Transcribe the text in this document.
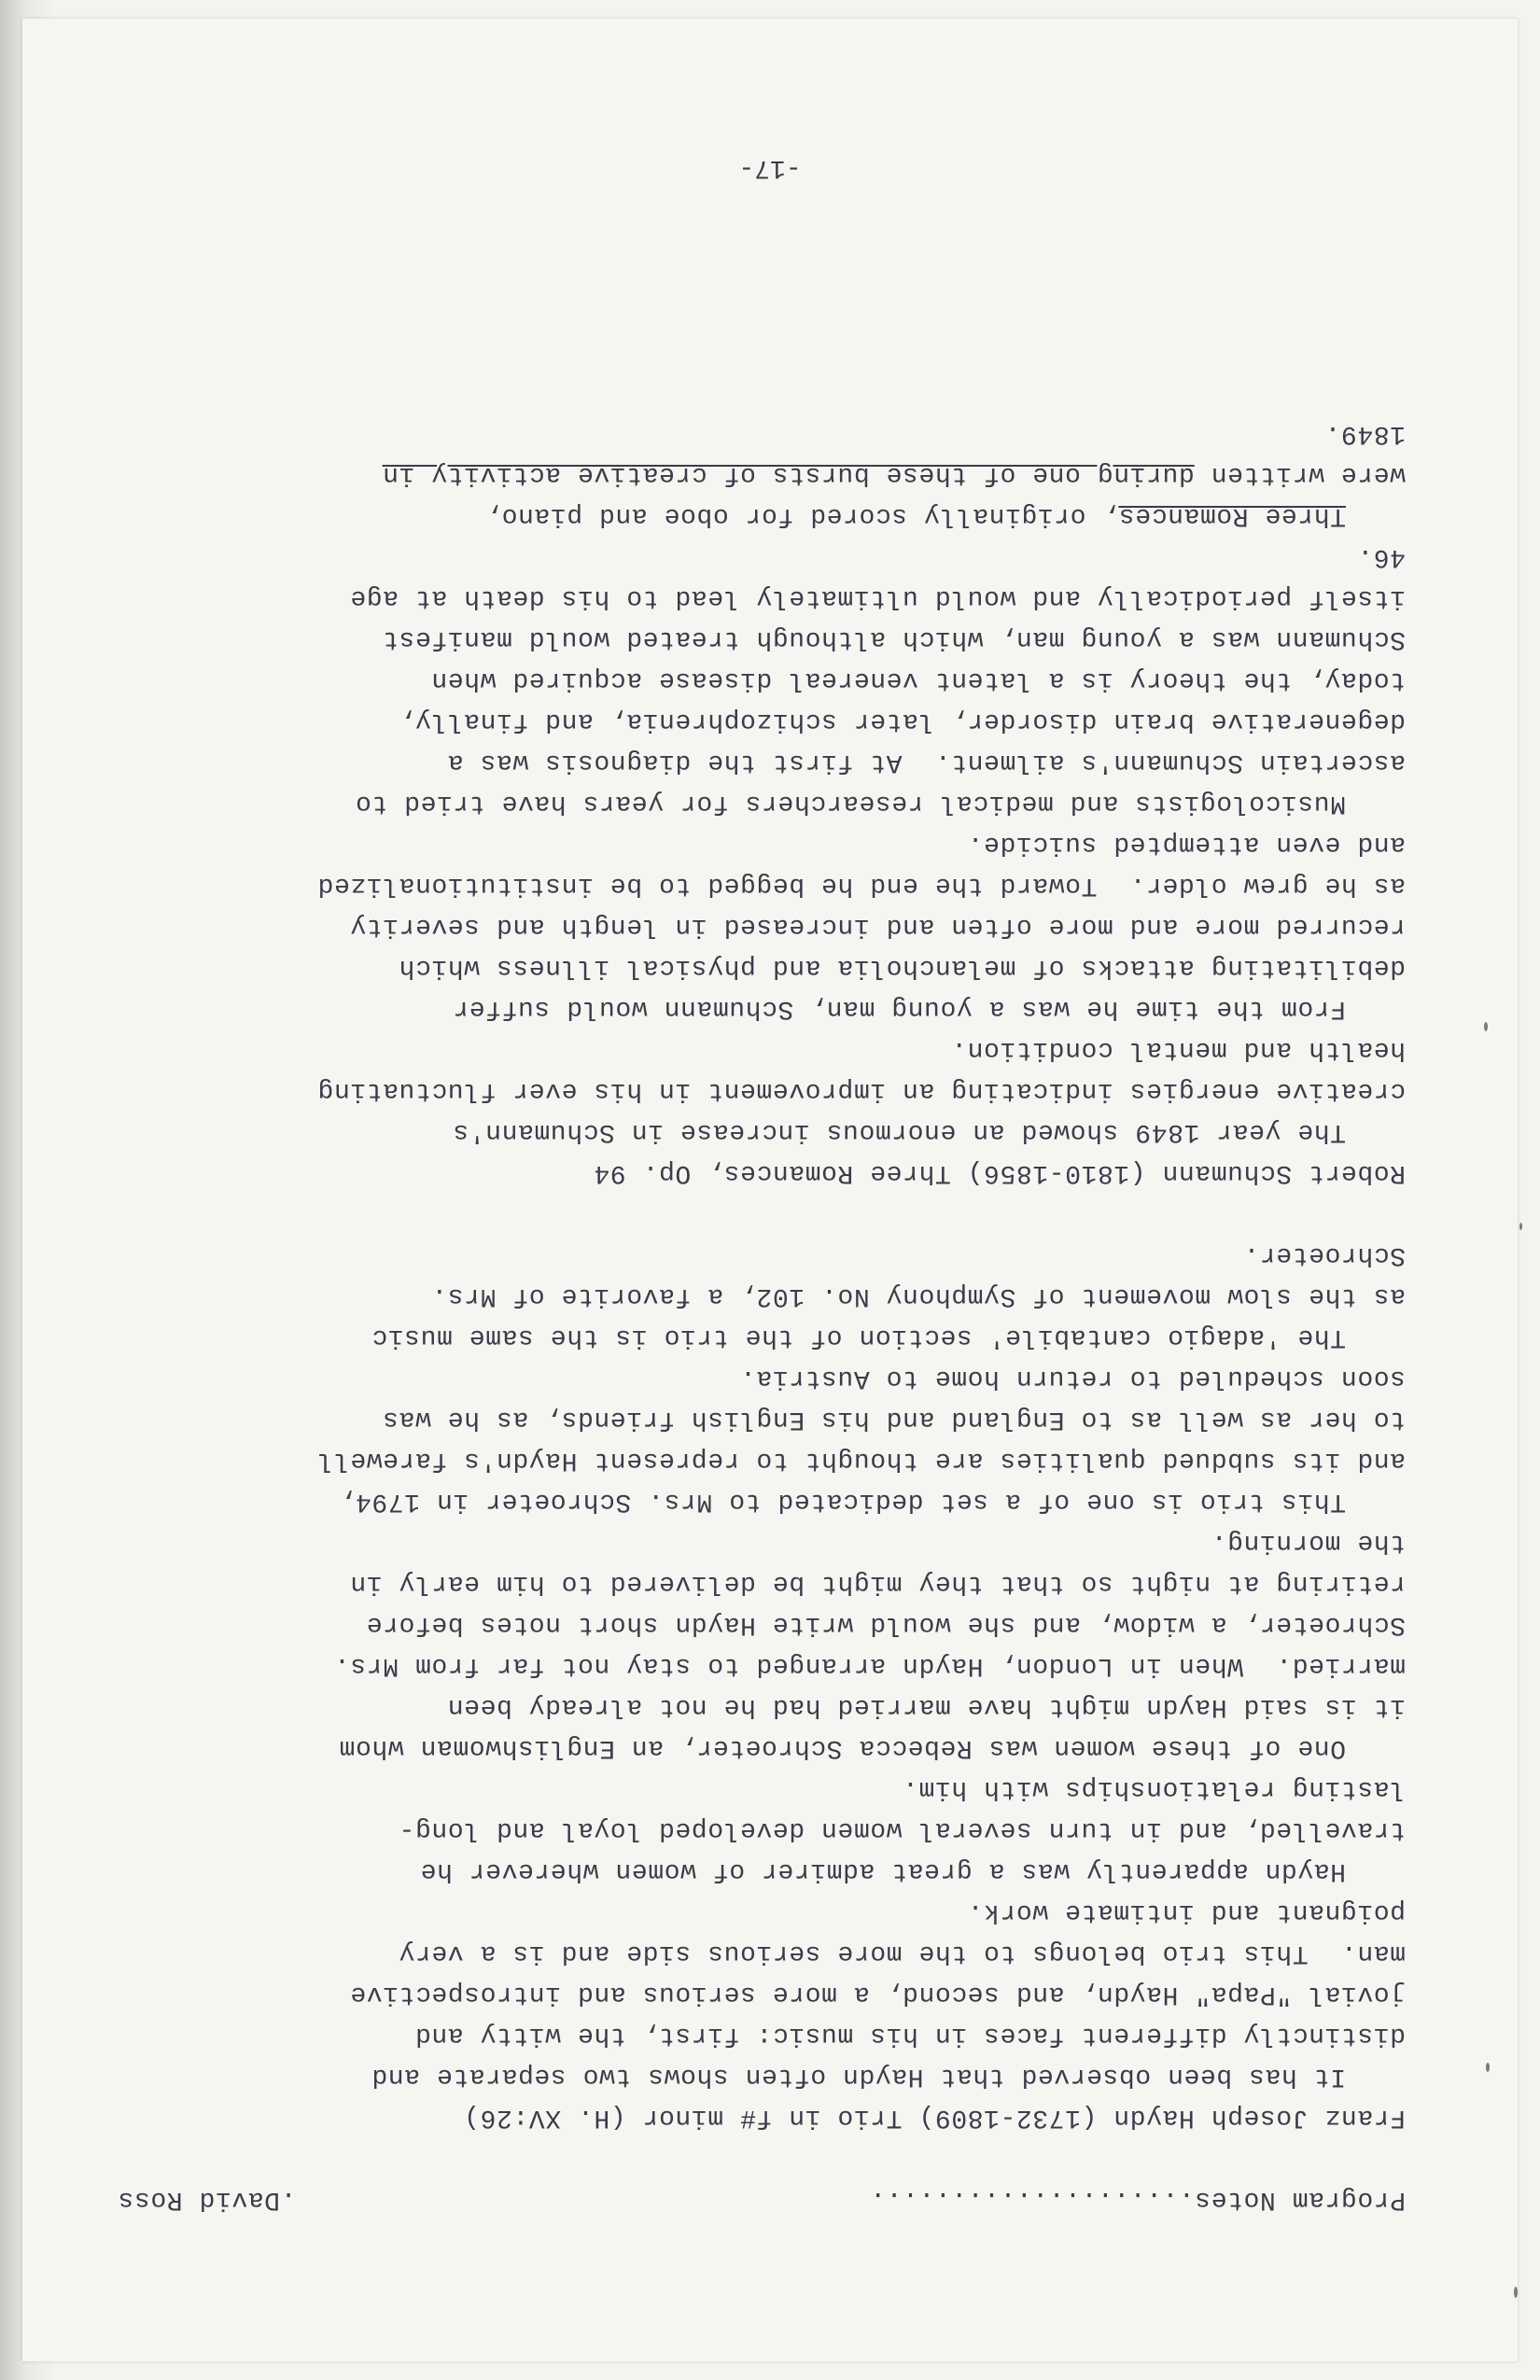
Program Notes....................
.David Ross
Franz Joseph Haydn (1732-1809) Trio in f# minor (H. XV:26)
It has been observed that Haydn often shows two separate and
distinctly different faces in his music: first, the witty and
jovial "Papa" Haydn, and second, a more serious and introspective
man.  This trio belongs to the more serious side and is a very
poignant and intimate work.
Haydn apparently was a great admirer of women wherever he
travelled, and in turn several women developed loyal and long-
lasting relationships with him.
One of these women was Rebecca Schroeter, an Englishwoman whom
it is said Haydn might have married had he not already been
married.  When in London, Haydn arranged to stay not far from Mrs.
Schroeter, a widow, and she would write Haydn short notes before
retiring at night so that they might be delivered to him early in
the morning.
This trio is one of a set dedicated to Mrs. Schroeter in 1794,
and its subdued qualities are thought to represent Haydn's farewell
to her as well as to England and his English friends, as he was
soon scheduled to return home to Austria.
The 'adagio cantabile' section of the trio is the same music
as the slow movement of Symphony No. 102, a favorite of Mrs.
Schroeter.
Robert Schumann (1810-1856) Three Romances, Op. 94
The year 1849 showed an enormous increase in Schumann's
creative energies indicating an improvement in his ever fluctuating
health and mental condition.
From the time he was a young man, Schumann would suffer
debilitating attacks of melancholia and physical illness which
recurred more and more often and increased in length and severity
as he grew older.  Toward the end he begged to be institutionalized
and even attempted suicide.
Musicologists and medical researchers for years have tried to
ascertain Schumann's ailment.  At first the diagnosis was a
degenerative brain disorder, later schizophrenia, and finally,
today, the theory is a latent venereal disease acquired when
Schumann was a young man, which although treated would manifest
itself periodically and would ultimately lead to his death at age
46.
Three Romances, originally scored for oboe and piano,
were written during one of these bursts of creative activity in
1849.
-17-
